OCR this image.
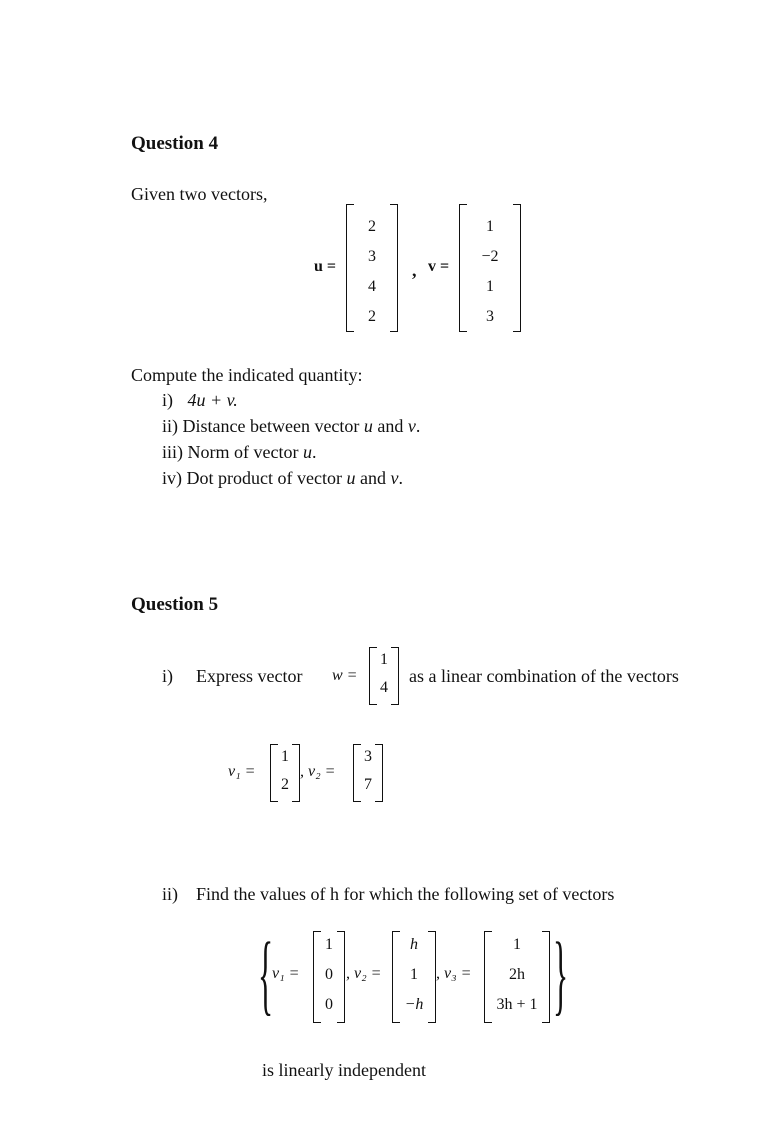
Question 4
Given two vectors,
u =
2
3
4
2
, v =
1
−2
1
3
Compute the indicated quantity:
i) 4u + v.
ii) Distance between vector u and v.
iii) Norm of vector u.
iv) Dot product of vector u and v.
Question 5
i) Express vector w =
1
4
as a linear combination of the vectors
v₁ =
1
2
, v₂ =
3
7
ii) Find the values of h for which the following set of vectors
{
v₁ =
1
0
0
, v₂ =
h
1
−h
, v₃ =
1
2h
3h + 1 }
is linearly independent
